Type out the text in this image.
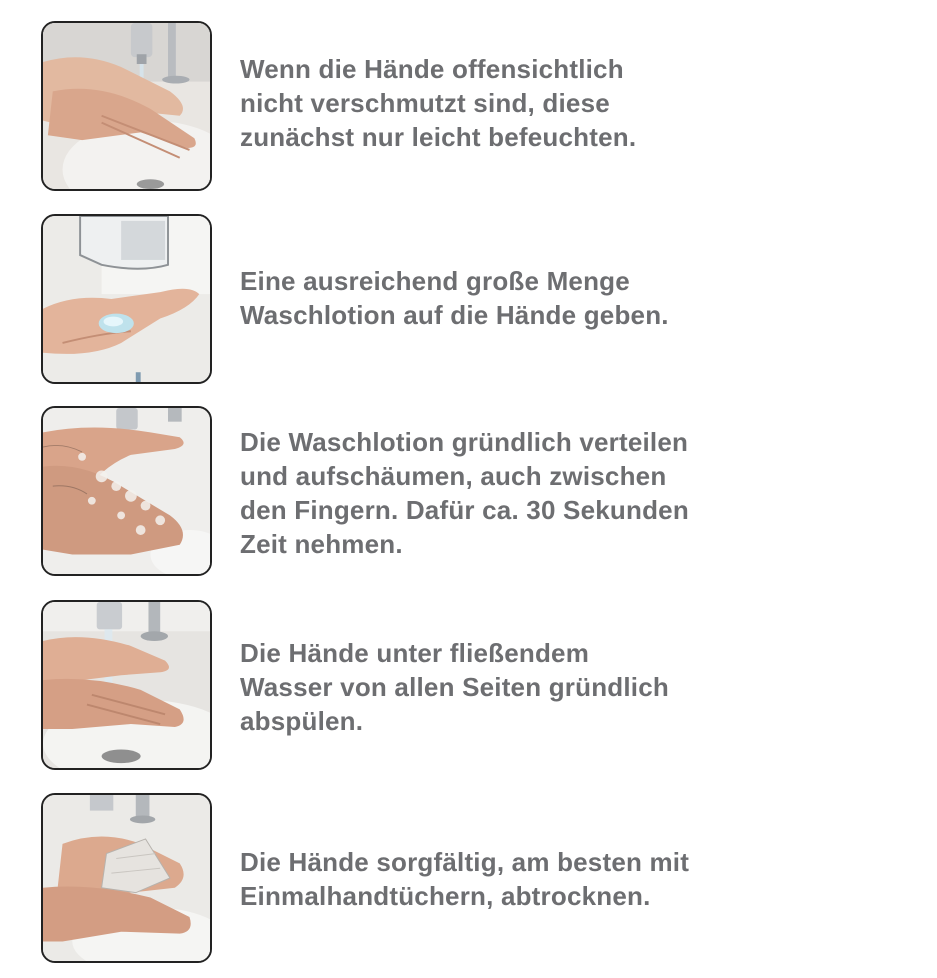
Wenn die Hände offensichtlich
nicht verschmutzt sind, diese
zunächst nur leicht befeuchten.
Eine ausreichend große Menge
Waschlotion auf die Hände geben.
Die Waschlotion gründlich verteilen
und aufschäumen, auch zwischen
den Fingern. Dafür ca. 30 Sekunden
Zeit nehmen.
Die Hände unter fließendem
Wasser von allen Seiten gründlich
abspülen.
Die Hände sorgfältig, am besten mit
Einmalhandtüchern, abtrocknen.
